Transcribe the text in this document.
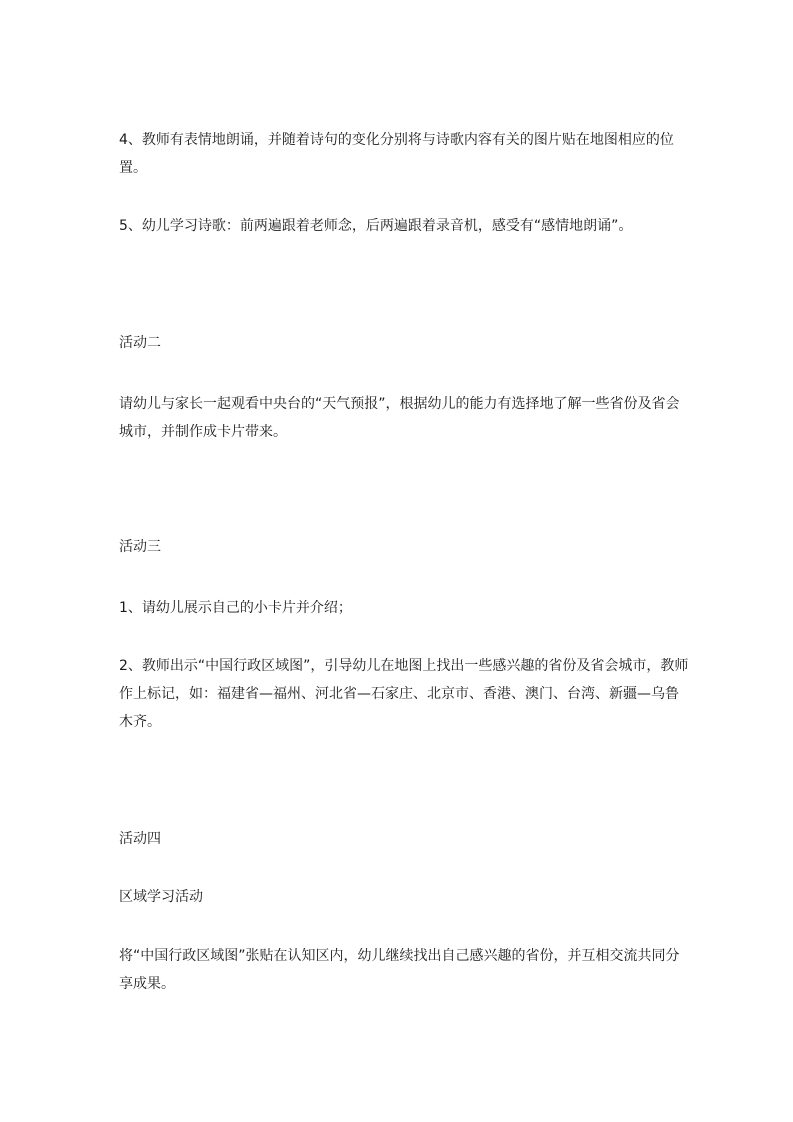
4、教师有表情地朗诵，并随着诗句的变化分别将与诗歌内容有关的图片贴在地图相应的位置。

5、幼儿学习诗歌：前两遍跟着老师念，后两遍跟着录音机，感受有“感情地朗诵”。

活动二

请幼儿与家长一起观看中央台的“天气预报”，根据幼儿的能力有选择地了解一些省份及省会城市，并制作成卡片带来。

活动三

1、请幼儿展示自己的小卡片并介绍；

2、教师出示“中国行政区域图”，引导幼儿在地图上找出一些感兴趣的省份及省会城市，教师作上标记，如：福建省—福州、河北省—石家庄、北京市、香港、澳门、台湾、新疆—乌鲁木齐。

活动四

区域学习活动

将“中国行政区域图”张贴在认知区内，幼儿继续找出自己感兴趣的省份，并互相交流共同分享成果。
